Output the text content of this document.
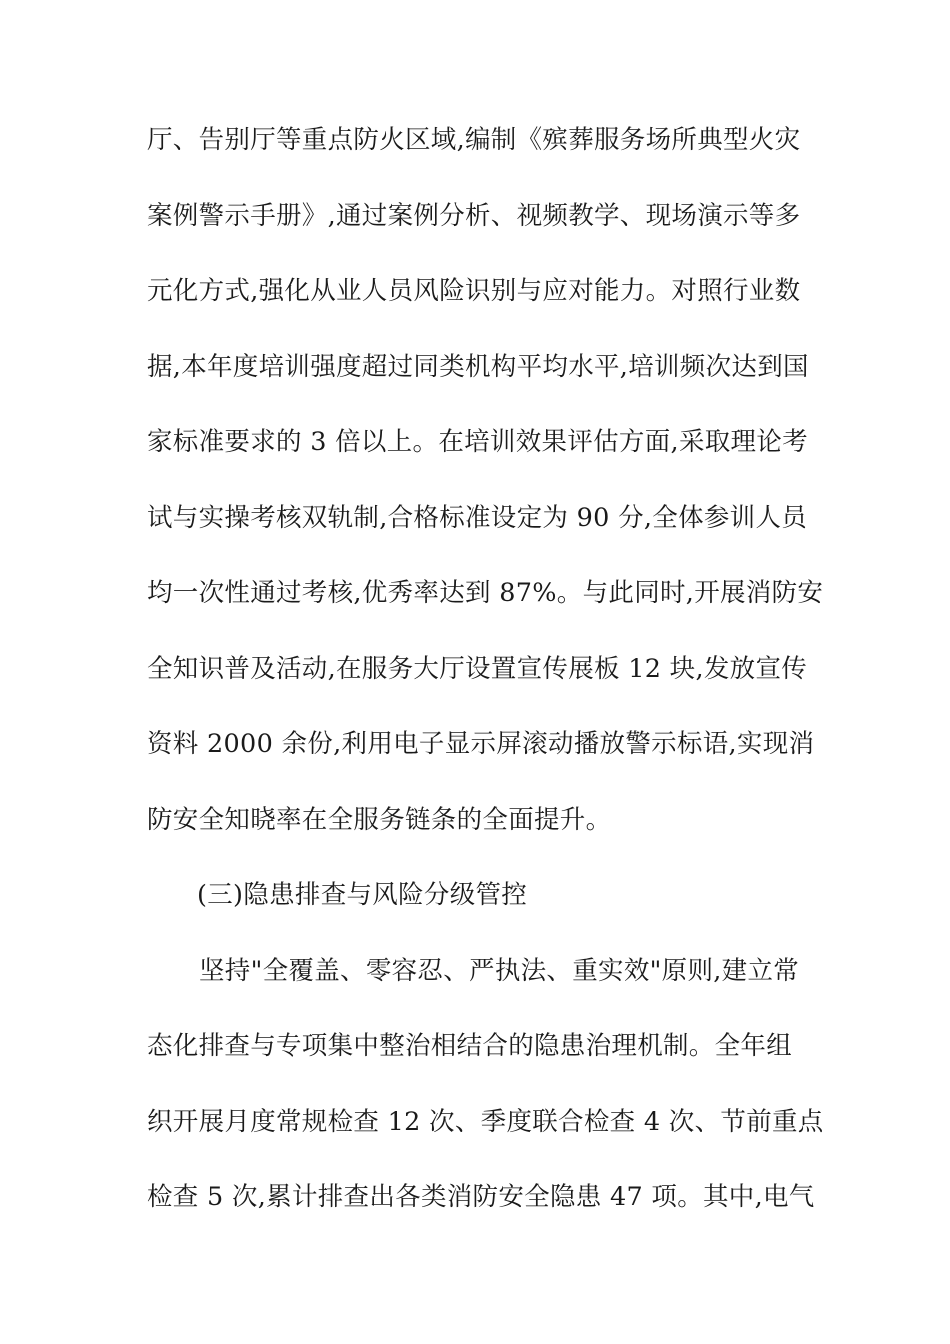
厅、告别厅等重点防火区域,编制《殡葬服务场所典型火灾
案例警示手册》,通过案例分析、视频教学、现场演示等多
元化方式,强化从业人员风险识别与应对能力。对照行业数
据,本年度培训强度超过同类机构平均水平,培训频次达到国
家标准要求的 3 倍以上。在培训效果评估方面,采取理论考
试与实操考核双轨制,合格标准设定为 90 分,全体参训人员
均一次性通过考核,优秀率达到 87%。与此同时,开展消防安
全知识普及活动,在服务大厅设置宣传展板 12 块,发放宣传
资料 2000 余份,利用电子显示屏滚动播放警示标语,实现消
防安全知晓率在全服务链条的全面提升。
(三)隐患排查与风险分级管控
坚持"全覆盖、零容忍、严执法、重实效"原则,建立常
态化排查与专项集中整治相结合的隐患治理机制。全年组
织开展月度常规检查 12 次、季度联合检查 4 次、节前重点
检查 5 次,累计排查出各类消防安全隐患 47 项。其中,电气
